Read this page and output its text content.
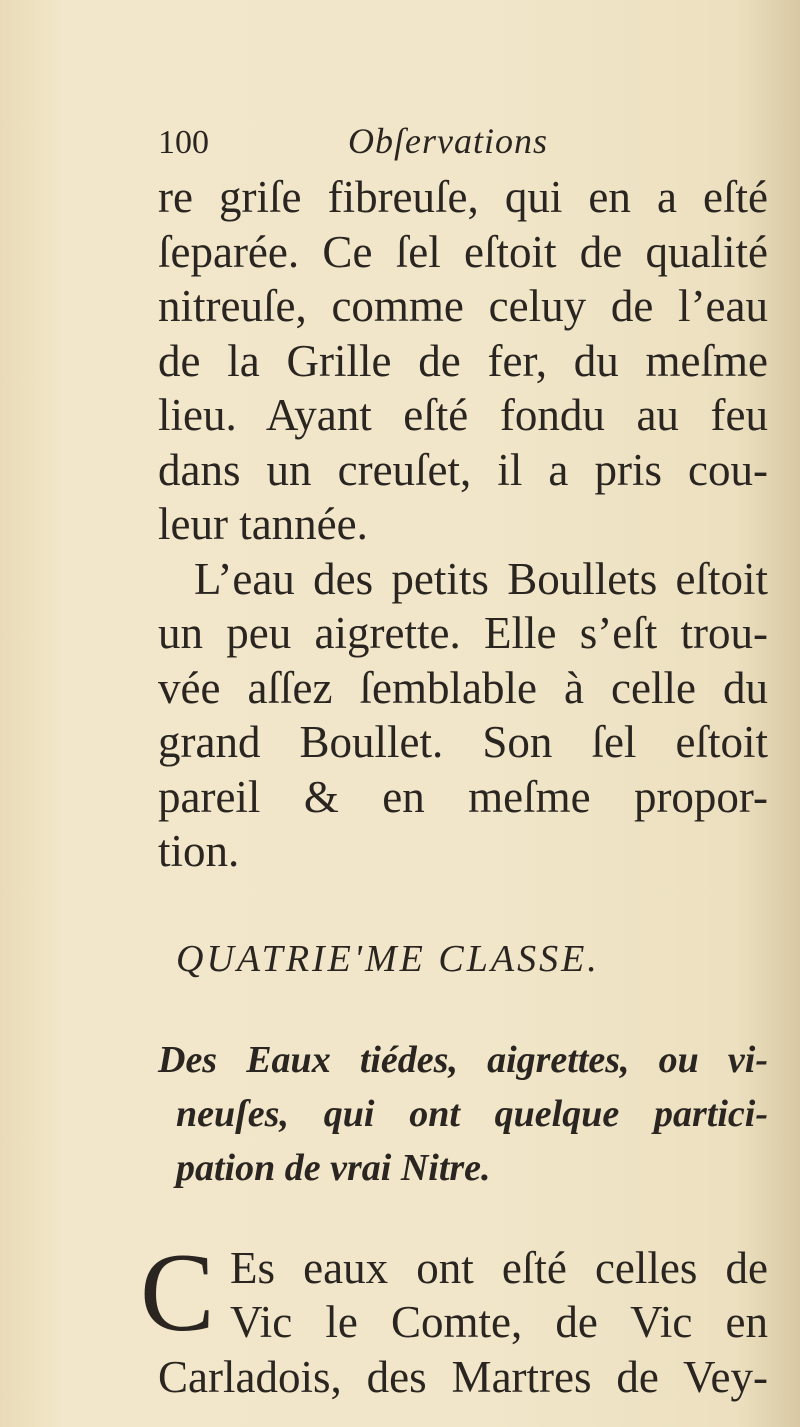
100	Obſervations
re griſe fibreuſe, qui en a eſté
ſeparée. Ce ſel eſtoit de qualité
nitreuſe, comme celuy de l’eau
de la Grille de fer, du meſme
lieu. Ayant eſté fondu au feu
dans un creuſet, il a pris cou-
leur tannée.
L’eau des petits Boullets eſtoit
un peu aigrette. Elle s’eſt trou-
vée aſſez ſemblable à celle du
grand Boullet. Son ſel eſtoit
pareil & en meſme propor-
tion.
QUATRIE'ME CLASSE.
Des Eaux tiédes, aigrettes, ou vi-
neuſes, qui ont quelque partici-
pation de vrai Nitre.
C Es eaux ont eſté celles de
Vic le Comte, de Vic en
Carladois, des Martres de Vey-
